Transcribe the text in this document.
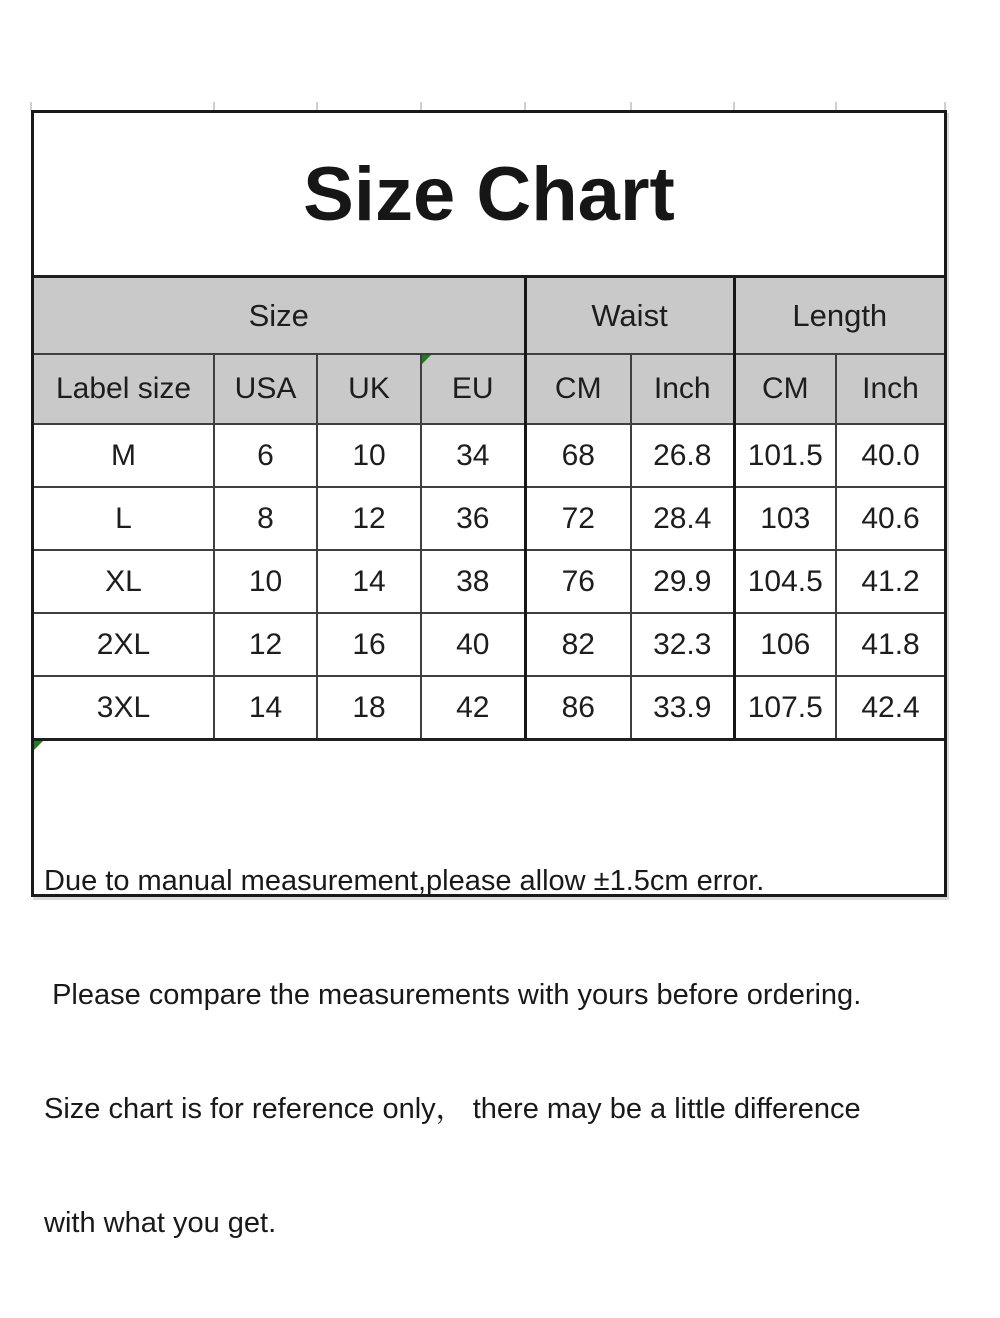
Size Chart
Size				Waist		Length	
Label size	USA	UK	EU	CM	Inch	CM	Inch
M	6	10	34	68	26.8	101.5	40.0
L	8	12	36	72	28.4	103	40.6
XL	10	14	38	76	29.9	104.5	41.2
2XL	12	16	40	82	32.3	106	41.8
3XL	14	18	42	86	33.9	107.5	42.4

Due to manual measurement,please allow ±1.5cm error.

Please compare the measurements with yours before ordering.

Size chart is for reference only， there may be a little difference

with what you get.
